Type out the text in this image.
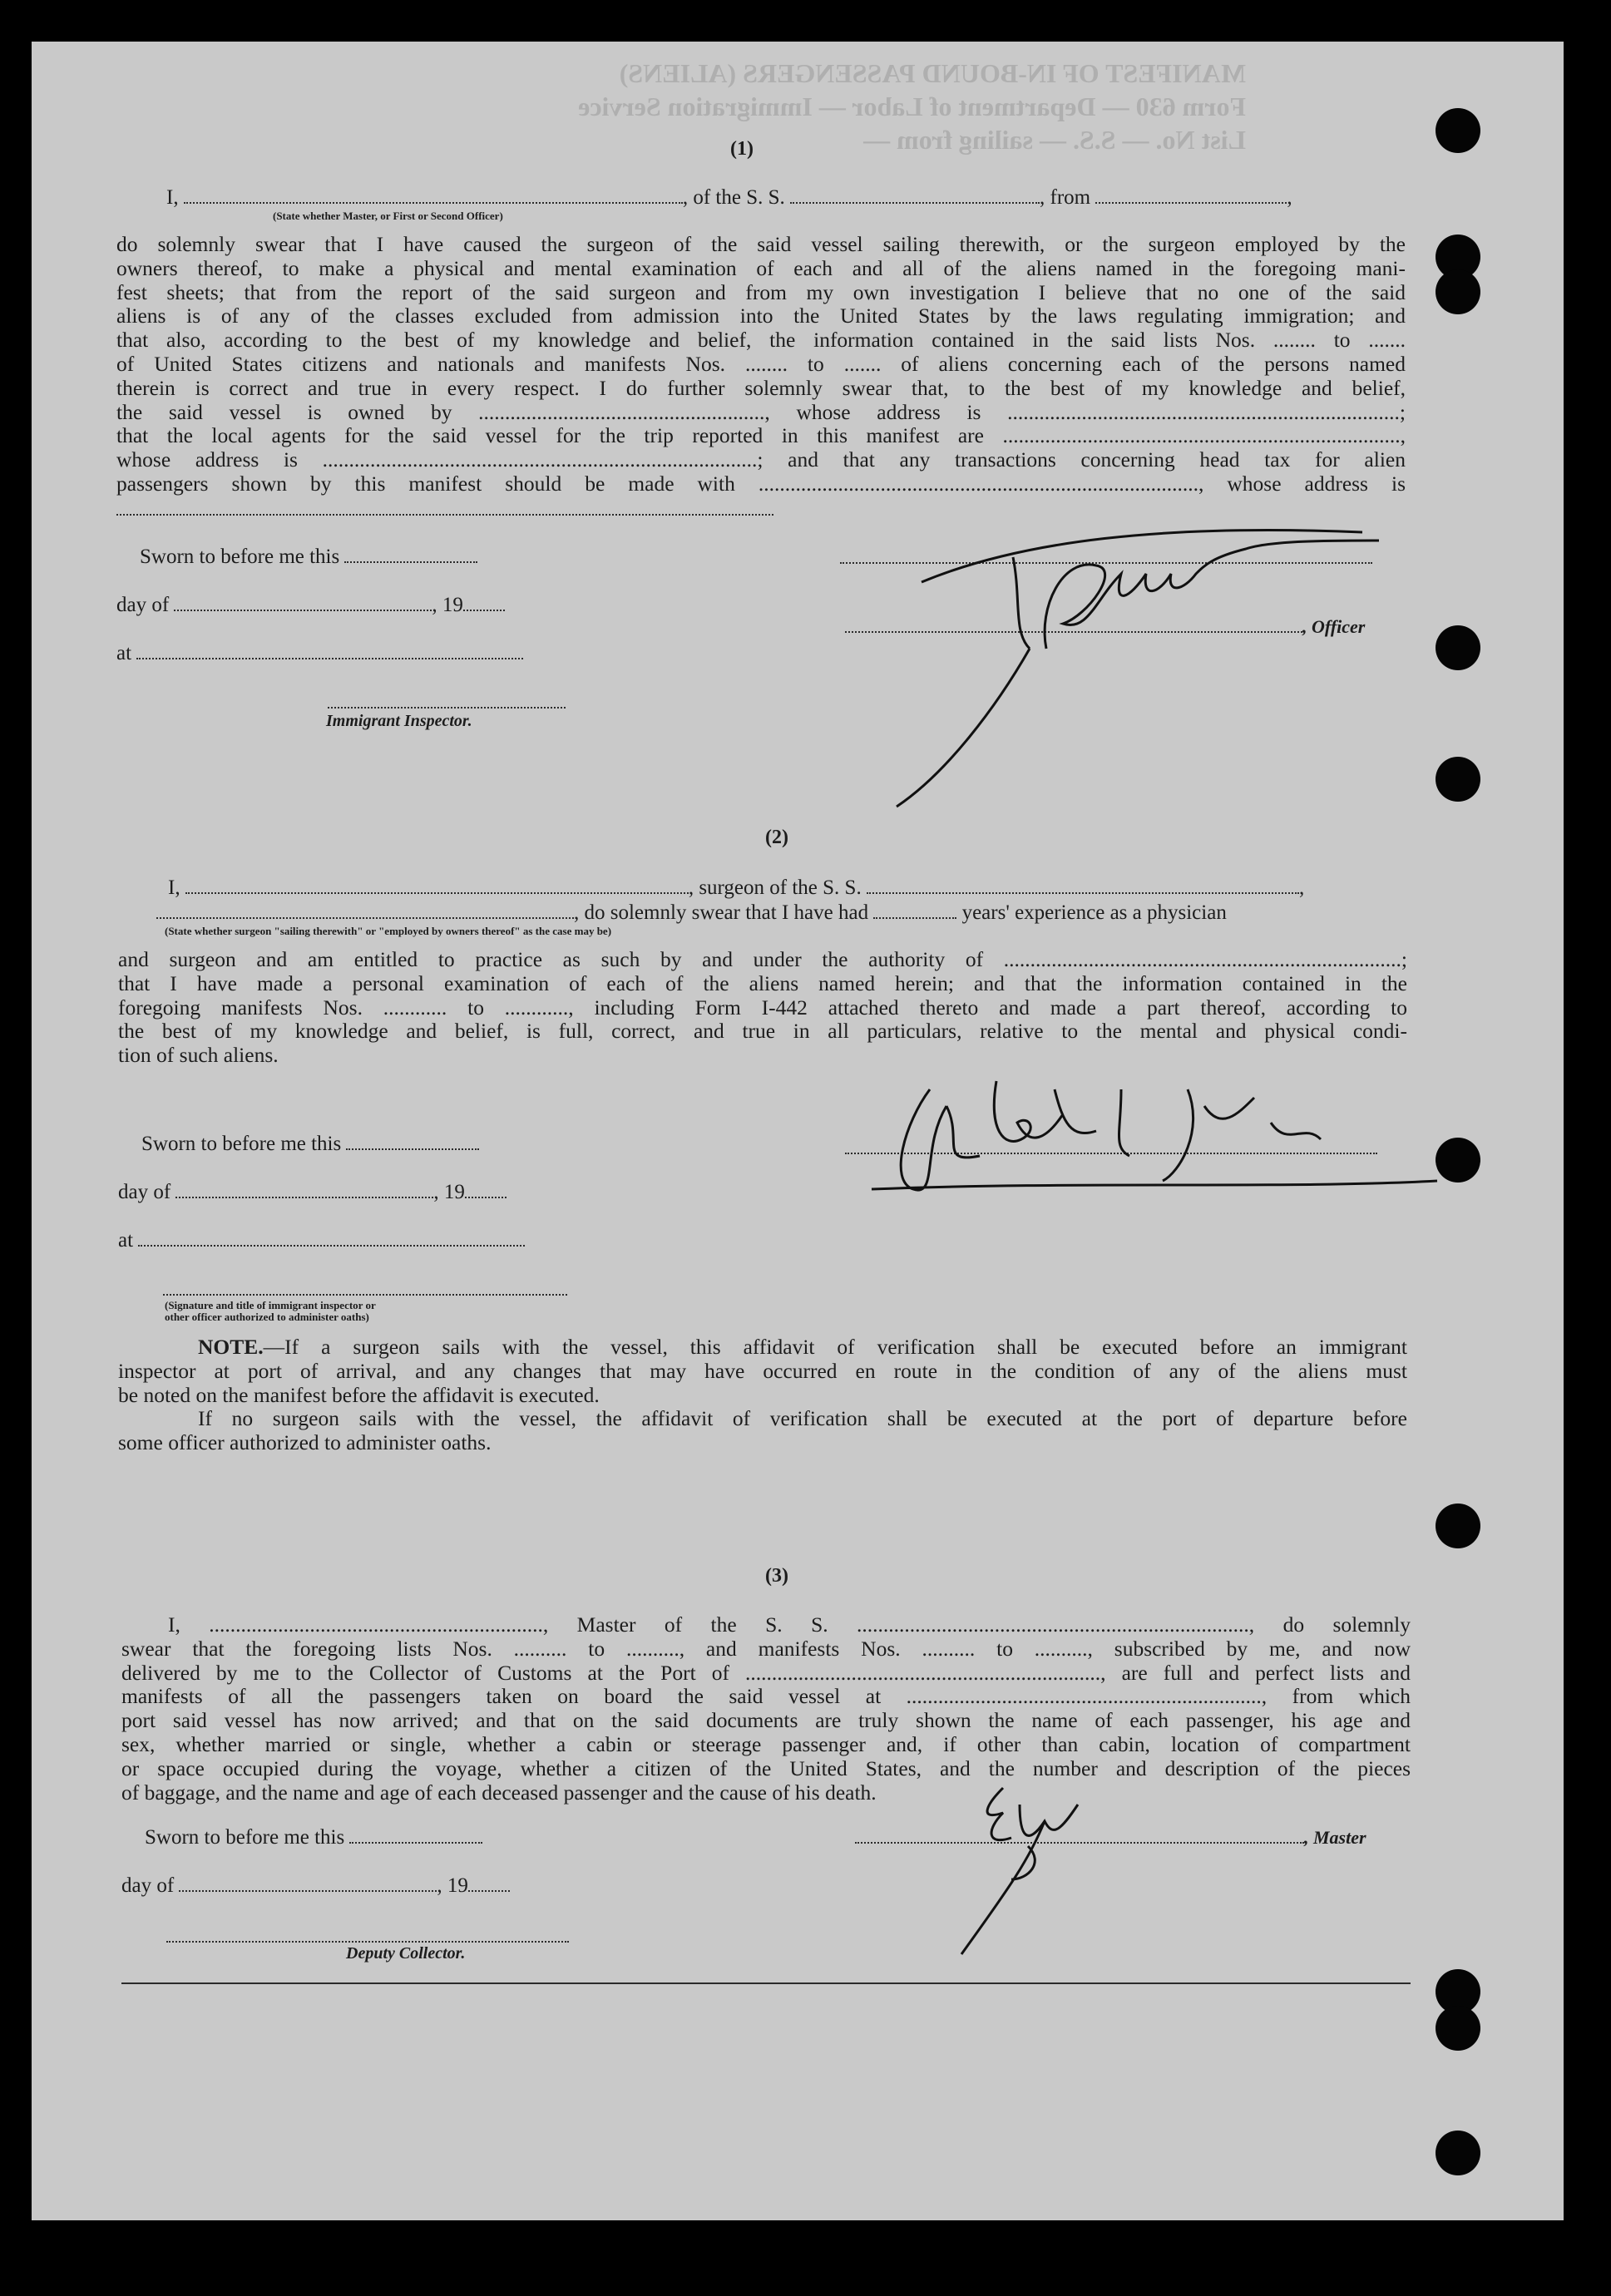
MANIFEST OF IN-BOUND PASSENGERS (ALIENS)
Form 630 — Department of Labor — Immigration Service
List No. — S.S. — sailing from —
(1)
I,	, of the S. S.	, from	,
(State whether Master, or First or Second Officer)
do solemnly swear that I have caused the surgeon of the said vessel sailing therewith, or the surgeon employed by the
owners thereof, to make a physical and mental examination of each and all of the aliens named in the foregoing mani-
fest sheets; that from the report of the said surgeon and from my own investigation I believe that no one of the said
aliens is of any of the classes excluded from admission into the United States by the laws regulating immigration; and
that also, according to the best of my knowledge and belief, the information contained in the said lists Nos. ........ to .......
of United States citizens and nationals and manifests Nos. ........ to ....... of aliens concerning each of the persons named
therein is correct and true in every respect. I do further solemnly swear that, to the best of my knowledge and belief,
the said vessel is owned by ......................................................, whose address is ..........................................................................;
that the local agents for the said vessel for the trip reported in this manifest are ...........................................................................,
whose address is ..................................................................................; and that any transactions concerning head tax for alien
passengers shown by this manifest should be made with ..................................................................................., whose address is
Sworn to before me this
day of	, 19
at
Immigrant Inspector.
, Officer
(2)
I,	, surgeon of the S. S.	,
, do solemnly swear that I have had	years' experience as a physician
(State whether surgeon "sailing therewith" or "employed by owners thereof" as the case may be)
and surgeon and am entitled to practice as such by and under the authority of ...........................................................................;
that I have made a personal examination of each of the aliens named herein; and that the information contained in the
foregoing manifests Nos. ............ to ............, including Form I-442 attached thereto and made a part thereof, according to
the best of my knowledge and belief, is full, correct, and true in all particulars, relative to the mental and physical condi-
tion of such aliens.
Sworn to before me this
day of	, 19
at
(Signature and title of immigrant inspector or
other officer authorized to administer oaths)
NOTE.—If a surgeon sails with the vessel, this affidavit of verification shall be executed before an immigrant
inspector at port of arrival, and any changes that may have occurred en route in the condition of any of the aliens must
be noted on the manifest before the affidavit is executed.
If no surgeon sails with the vessel, the affidavit of verification shall be executed at the port of departure before
some officer authorized to administer oaths.
(3)
I, ..............................................................., Master of the S. S. .........................................................................., do solemnly
swear that the foregoing lists Nos. .......... to .........., and manifests Nos. .......... to .........., subscribed by me, and now
delivered by me to the Collector of Customs at the Port of ..................................................................., are full and perfect lists and
manifests of all the passengers taken on board the said vessel at ..................................................................., from which
port said vessel has now arrived; and that on the said documents are truly shown the name of each passenger, his age and
sex, whether married or single, whether a cabin or steerage passenger and, if other than cabin, location of compartment
or space occupied during the voyage, whether a citizen of the United States, and the number and description of the pieces
of baggage, and the name and age of each deceased passenger and the cause of his death.
Sworn to before me this
day of	, 19
Deputy Collector.
, Master
